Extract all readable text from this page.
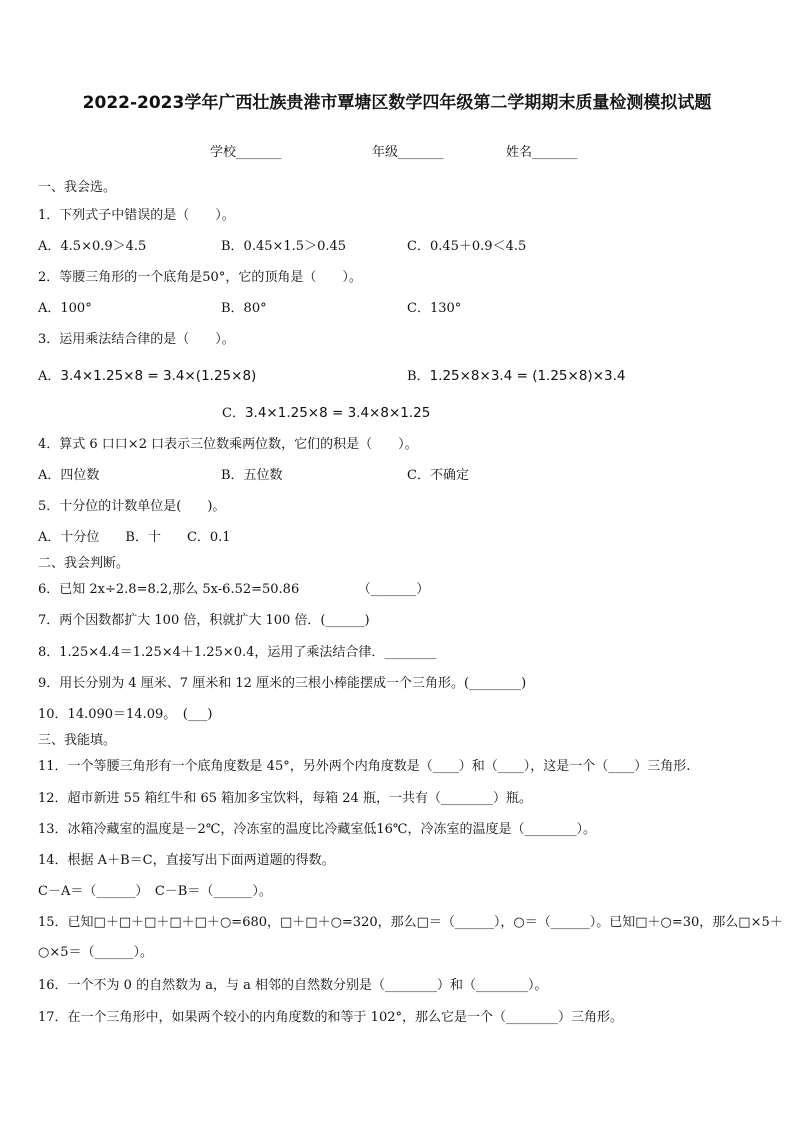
2022-2023学年广西壮族贵港市覃塘区数学四年级第二学期期末质量检测模拟试题
学校_______	年级_______	姓名_______
一、我会选。
1．下列式子中错误的是（　　）。
A．4.5×0.9＞4.5	B．0.45×1.5＞0.45	C．0.45＋0.9＜4.5
2．等腰三角形的一个底角是50°，它的顶角是（　　）。
A．100°	B．80°	C．130°
3．运用乘法结合律的是（　　）。
A．3.4×1.25×8 = 3.4×(1.25×8)	B．1.25×8×3.4 = (1.25×8)×3.4
C．3.4×1.25×8 = 3.4×8×1.25
4．算式 6 口口×2 口表示三位数乘两位数，它们的积是（　　）。
A．四位数	B．五位数	C．不确定
5．十分位的计数单位是(　　)。
A．十分位　　B．十　　C．0.1
二、我会判断。
6．已知 2x÷2.8=8.2,那么 5x-6.52=50.86　　　　　（_______）
7．两个因数都扩大 100 倍，积就扩大 100 倍．(______)
8．1.25×4.4＝1.25×4＋1.25×0.4，运用了乘法结合律．________
9．用长分别为 4 厘米、7 厘米和 12 厘米的三根小棒能摆成一个三角形。(________)
10．14.090＝14.09。　(___)
三、我能填。
11．一个等腰三角形有一个底角度数是 45°，另外两个内角度数是（____）和（____），这是一个（____）三角形.
12．超市新进 55 箱红牛和 65 箱加多宝饮料，每箱 24 瓶，一共有（________）瓶。
13．冰箱冷藏室的温度是－2℃，冷冻室的温度比冷藏室低16℃，冷冻室的温度是（________）。
14．根据 A＋B＝C，直接写出下面两道题的得数。
C－A＝（______）　C－B＝（______）。
15．已知□＋□＋□＋□＋□＋○=680，□＋□＋○=320，那么□＝（______），○＝（______）。已知□＋○=30，那么□×5＋
○×5＝（______）。
16．一个不为 0 的自然数为 a，与 a 相邻的自然数分别是（________）和（________）。
17．在一个三角形中，如果两个较小的内角度数的和等于 102°，那么它是一个（________）三角形。
